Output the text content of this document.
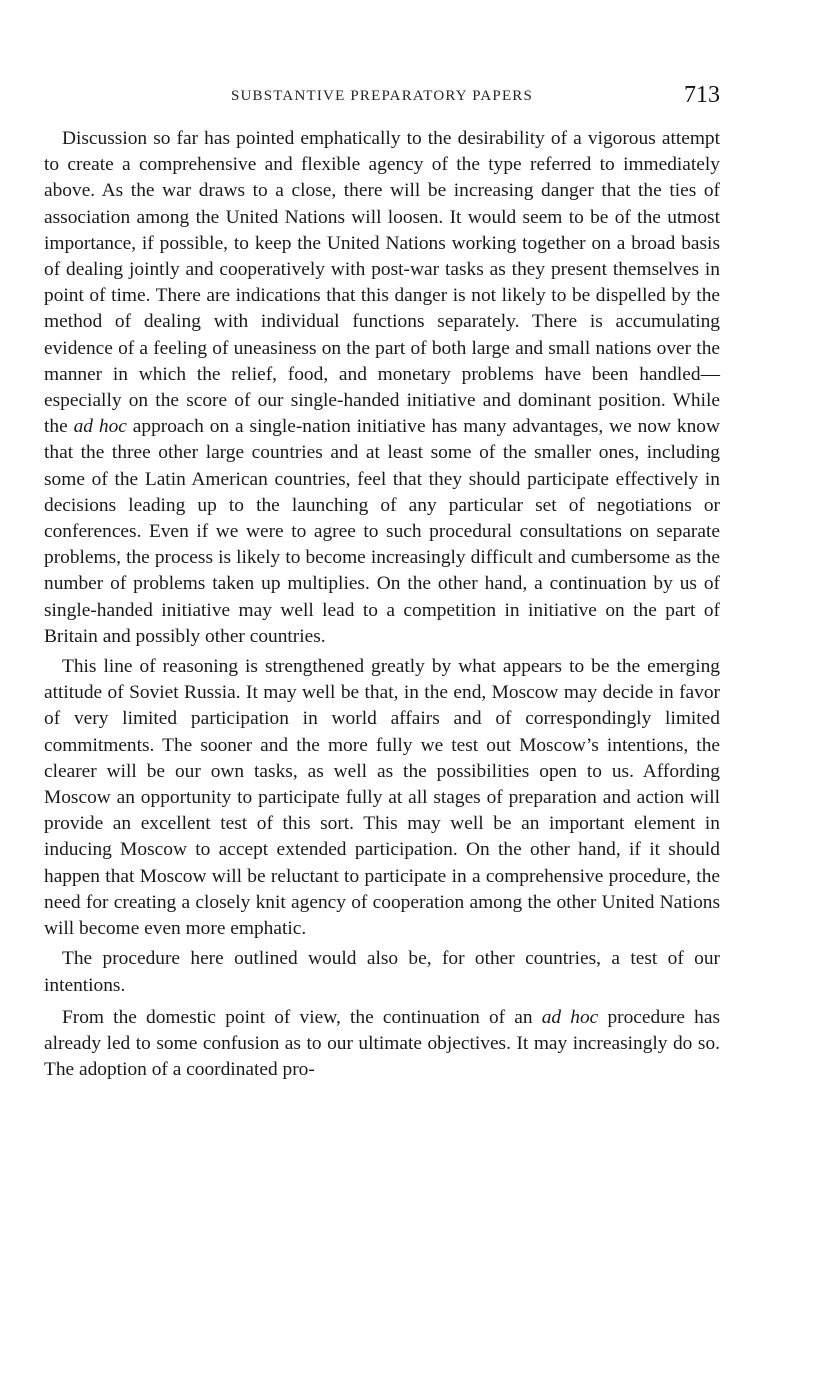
SUBSTANTIVE PREPARATORY PAPERS	713

Discussion so far has pointed emphatically to the desirability of a vigorous attempt to create a comprehensive and flexible agency of the type referred to immediately above. As the war draws to a close, there will be increasing danger that the ties of association among the United Nations will loosen. It would seem to be of the utmost importance, if possible, to keep the United Nations working together on a broad basis of dealing jointly and cooperatively with post-war tasks as they present themselves in point of time. There are indications that this danger is not likely to be dispelled by the method of dealing with individual functions separately. There is accumulating evidence of a feeling of uneasiness on the part of both large and small nations over the manner in which the relief, food, and monetary problems have been handled—especially on the score of our single-handed initiative and dominant position. While the ad hoc approach on a single-nation initiative has many advantages, we now know that the three other large countries and at least some of the smaller ones, including some of the Latin American countries, feel that they should participate effectively in decisions leading up to the launching of any particular set of negotiations or conferences. Even if we were to agree to such procedural consultations on separate problems, the process is likely to become increasingly difficult and cumbersome as the number of problems taken up multiplies. On the other hand, a continuation by us of single-handed initiative may well lead to a competition in initiative on the part of Britain and possibly other countries.

This line of reasoning is strengthened greatly by what appears to be the emerging attitude of Soviet Russia. It may well be that, in the end, Moscow may decide in favor of very limited participation in world affairs and of correspondingly limited commitments. The sooner and the more fully we test out Moscow’s intentions, the clearer will be our own tasks, as well as the possibilities open to us. Affording Moscow an opportunity to participate fully at all stages of preparation and action will provide an excellent test of this sort. This may well be an important element in inducing Moscow to accept extended participation. On the other hand, if it should happen that Moscow will be reluctant to participate in a comprehensive procedure, the need for creating a closely knit agency of cooperation among the other United Nations will become even more emphatic.

The procedure here outlined would also be, for other countries, a test of our intentions.

From the domestic point of view, the continuation of an ad hoc procedure has already led to some confusion as to our ultimate objectives. It may increasingly do so. The adoption of a coordinated pro-
